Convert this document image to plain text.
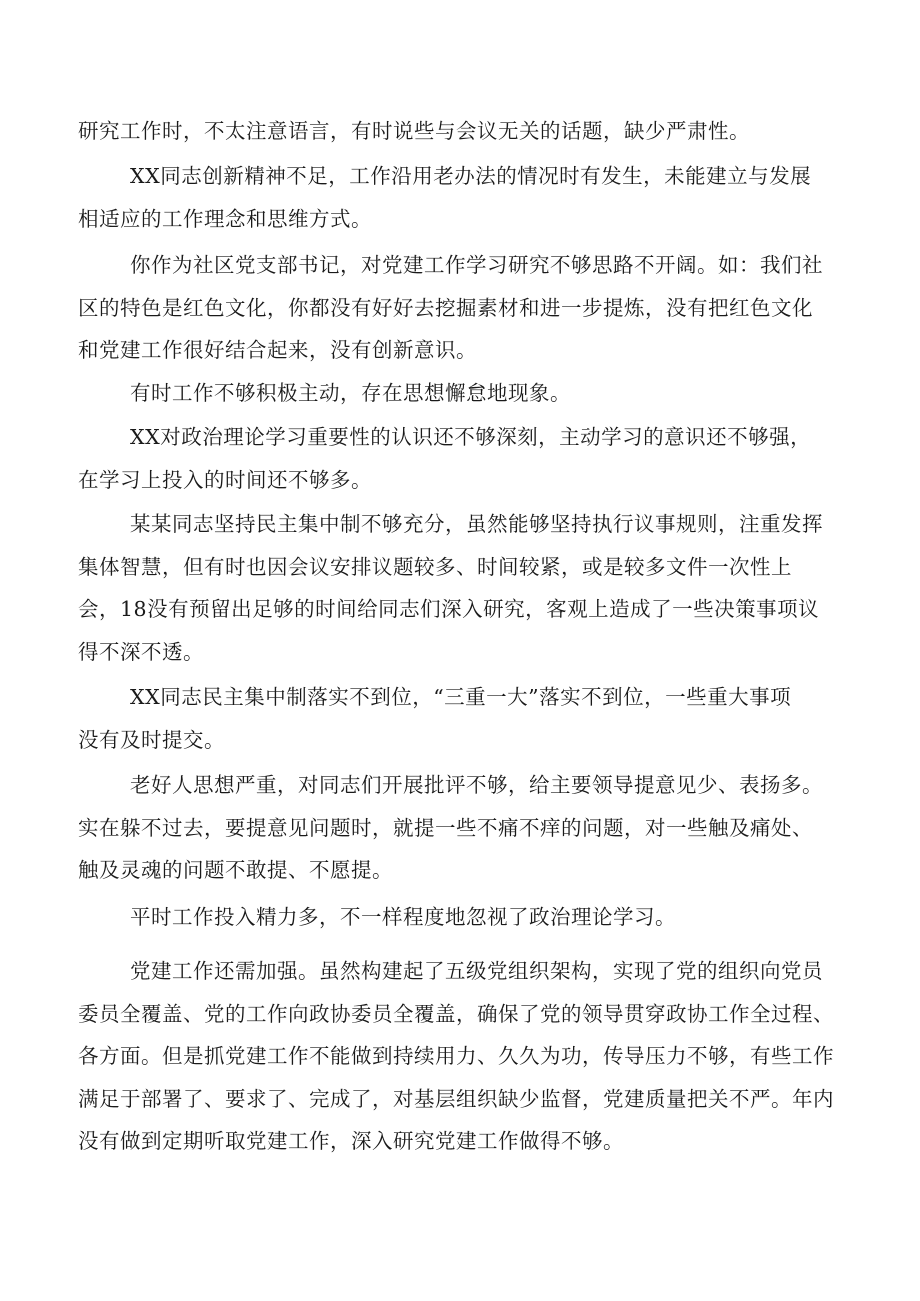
研究工作时，不太注意语言，有时说些与会议无关的话题，缺少严肃性。

XX同志创新精神不足，工作沿用老办法的情况时有发生，未能建立与发展
相适应的工作理念和思维方式。

你作为社区党支部书记，对党建工作学习研究不够思路不开阔。如：我们社
区的特色是红色文化，你都没有好好去挖掘素材和进一步提炼，没有把红色文化
和党建工作很好结合起来，没有创新意识。

有时工作不够积极主动，存在思想懈怠地现象。

XX对政治理论学习重要性的认识还不够深刻，主动学习的意识还不够强，
在学习上投入的时间还不够多。

某某同志坚持民主集中制不够充分，虽然能够坚持执行议事规则，注重发挥
集体智慧，但有时也因会议安排议题较多、时间较紧，或是较多文件一次性上
会，18没有预留出足够的时间给同志们深入研究，客观上造成了一些决策事项议
得不深不透。

XX同志民主集中制落实不到位，“三重一大”落实不到位，一些重大事项
没有及时提交。

老好人思想严重，对同志们开展批评不够，给主要领导提意见少、表扬多。
实在躲不过去，要提意见问题时，就提一些不痛不痒的问题，对一些触及痛处、
触及灵魂的问题不敢提、不愿提。

平时工作投入精力多，不一样程度地忽视了政治理论学习。

党建工作还需加强。虽然构建起了五级党组织架构，实现了党的组织向党员
委员全覆盖、党的工作向政协委员全覆盖，确保了党的领导贯穿政协工作全过程、
各方面。但是抓党建工作不能做到持续用力、久久为功，传导压力不够，有些工作
满足于部署了、要求了、完成了，对基层组织缺少监督，党建质量把关不严。年内
没有做到定期听取党建工作，深入研究党建工作做得不够。
